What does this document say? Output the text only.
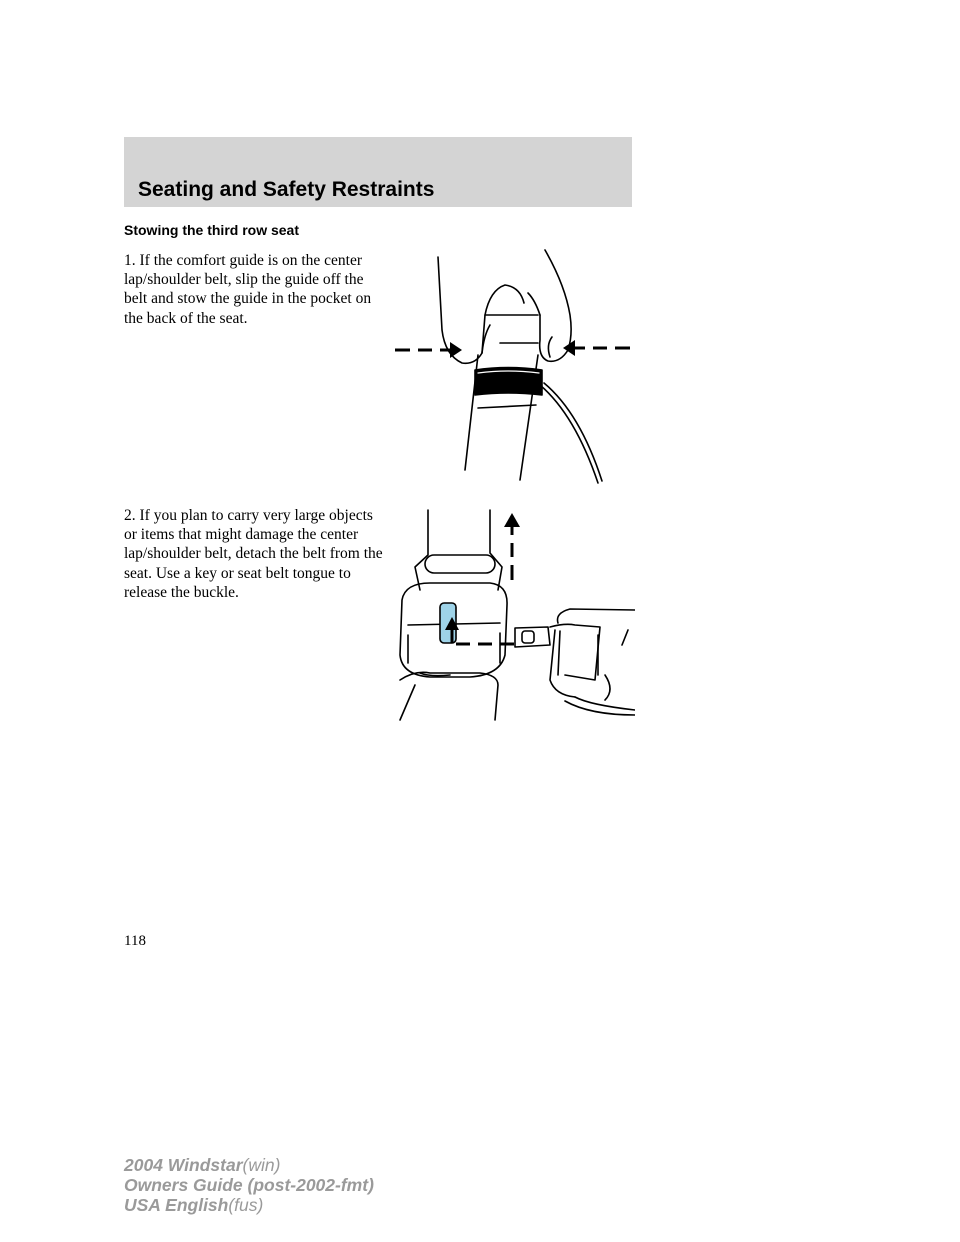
Seating and Safety Restraints
Stowing the third row seat

1. If the comfort guide is on the center lap/shoulder belt, slip the guide off the belt and stow the guide in the pocket on the back of the seat.

2. If you plan to carry very large objects or items that might damage the center lap/shoulder belt, detach the belt from the seat. Use a key or seat belt tongue to release the buckle.

118
2004 Windstar(win)
Owners Guide (post-2002-fmt)
USA English(fus)
